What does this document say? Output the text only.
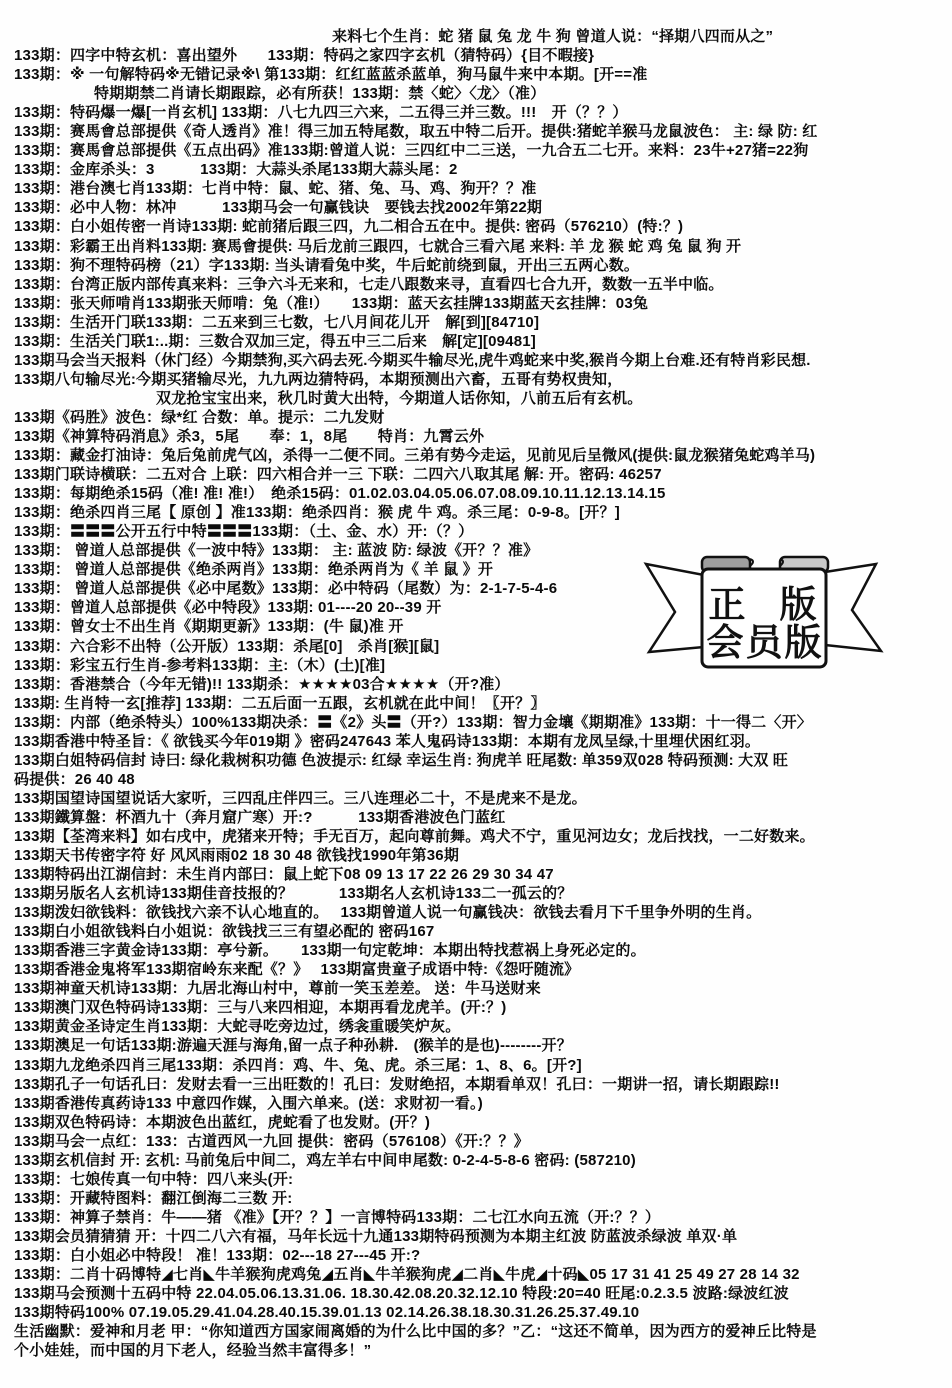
来料七个生肖：蛇 猪 鼠 兔 龙 牛 狗 曾道人说：“择期八四而从之”
133期：四字中特玄机：喜出望外　　133期：特码之家四字玄机（猜特码）{目不暇接}
133期：※ 一句解特码※无错记录※\ 第133期：红红蓝蓝杀蓝单，狗马鼠牛来中本期。[开==准
特期期禁二肖请长期跟踪，必有所获！133期：禁〈蛇〉〈龙〉（准）
133期：特码爆一爆[一肖玄机] 133期：八七九四三六来，二五得三并三数。!!!　开（？？）
133期：赛馬會总部提供《奇人透肖》准！得三加五特尾数，取五中特二后开。提供:猪蛇羊猴马龙鼠波色： 主: 绿 防: 红
133期：赛馬會总部提供《五点出码》准133期:曾道人说：三四红中二三送，一九合五二七开。来料：23牛+27猪=22狗
133期：金库杀头：3　　　133期：大蒜头杀尾133期大蒜头尾：2
133期：港台澳七肖133期：七肖中特：鼠、蛇、猪、兔、马、鸡、狗开？？准
133期：必中人物：林冲　　　133期马会一句赢钱诀　要钱去找2002年第22期
133期：白小姐传密一肖诗133期: 蛇前猪后跟三四，九二相合五在中。提供: 密码（576210）(特:？)
133期：彩霸王出肖料133期: 赛馬會提供: 马后龙前三跟四，七就合三看六尾 来料: 羊 龙 猴 蛇 鸡 兔 鼠 狗 开
133期：狗不理特码榜（21）字133期: 当头请看兔中奖，牛后蛇前绕到鼠，开出三五两心数。
133期：台湾正版内部传真来料：三争六斗无来和，七走八跟数来寻，直看四七合九开，数数一五半中临。
133期：张天师啃肖133期张天师啃：兔（准!）　　133期：蓝天玄挂牌133期蓝天玄挂牌：03兔
133期：生活开门联133期：二五来到三七数，七八月间花儿开　解[到][84710]
133期：生活关门联1:..期：三数合双加三定，得五中三二后来　解[定][09481]
133期马会当天报料（休门经）今期禁狗,买六码去死.今期买牛输尽光,虎牛鸡蛇来中奖,猴肖今期上台难.还有特肖彩民想.
133期八句输尽光:今期买猪输尽光，九九两边猜特码，本期预测出六畜，五哥有势权贵知，
双龙抢宝宝出来，秋几时黄大出特，今期道人话你知，八前五后有玄机。
133期《码胜》波色：绿*红 合数：单。提示：二九发财
133期《神算特码消息》杀3，5尾　　奉：1，8尾　　特肖：九霄云外
133期：藏金打油诗：兔后兔前虎气凶，杀得一二便不同。三弟有势今走运，见前见后呈微风(提供:鼠龙猴猪兔蛇鸡羊马)
133期门联诗横联：二五对合 上联：四六相合并一三 下联：二四六八取其尾 解: 开。密码: 46257
133期：每期绝杀15码（准! 准! 准!）　绝杀15码：01.02.03.04.05.06.07.08.09.10.11.12.13.14.15
133期：绝杀四肖三尾【 原创 】准133期：绝杀四肖：猴 虎 牛 鸡。杀三尾：0-9-8。[开？]
133期：〓〓〓公开五行中特〓〓〓133期：（土、金、水）开:（？）
133期： 曾道人总部提供《一波中特》133期： 主: 蓝波 防: 绿波《开？？准》
133期： 曾道人总部提供《绝杀两肖》133期：绝杀两肖为《 羊 鼠 》开
133期： 曾道人总部提供《必中尾数》133期：必中特码（尾数）为：2-1-7-5-4-6
133期：曾道人总部提供《必中特段》133期: 01----20 20--39 开
133期：曾女士不出生肖《期期更新》133期：(牛 鼠)准 开
133期：六合彩不出特（公开版）133期：杀尾[0]　杀肖[猴][鼠]
133期：彩宝五行生肖-参考料133期：主:（木）(土)[准]
133期：香港禁合（今年无错)!! 133期杀：★★★★03合★★★★（开?准）
133期: 生肖特一玄[推荐] 133期：二五后面一五跟，玄机就在此中间！〖开？〗
133期：内部（绝杀特头）100%133期决杀：〓《2》头〓（开?）133期：智力金壤《期期准》133期：十一得二〈开〉
133期香港中特圣旨：《 欲钱买今年019期 》密码247643 苯人鬼码诗133期：本期有龙凤呈绿,十里埋伏困红羽。
133期白姐特码信封 诗曰: 绿化栽树积功德 色波提示: 红绿 幸运生肖: 狗虎羊 旺尾数: 单359双028 特码预测: 大双 旺
码提供：26 40 48
133期国望诗国望说话大家听，三四乱庄伴四三。三八连理必二十，不是虎来不是龙。
133期鐵算盤：杯酒九十（奔月窟广寒）开:?　　　133期香港波色门蓝红
133期【荃湾来料】如右戌中，虎猪来开特；手无百万，起向尊前舞。鸡犬不宁，重见河边女；龙后找找，一二好数来。
133期天书传密字符 好 风风雨雨02 18 30 48 欲钱找1990年第36期
133期特码出江湖信封：未生肖内部曰：鼠上蛇下08 09 13 17 22 26 29 30 34 47
133期另版名人玄机诗133期佳音技报的？　　　133期名人玄机诗133二一孤云的？
133期泼妇欲钱料：欲钱找六亲不认心地直的。　 133期曾道人说一句赢钱决：欲钱去看月下千里争外明的生肖。
133期白小姐欲钱料白小姐说：欲钱找三三有望必配的 密码167
133期香港三字黄金诗133期：亭兮新。　　133期一句定乾坤：本期出特找惹祸上身死必定的。
133期香港金鬼将军133期宿岭东来配《？》　 133期富贵童子成语中特:《怨吁随流》
133期神童天机诗133期：九居北海山村中，尊前一笑玉差差。 送：牛马送财来
133期澳门双色特码诗133期：三与八来四相迎，本期再看龙虎羊。(开:？)
133期黄金圣诗定生肖133期：大蛇寻吃旁边过，绣衾重暖笑炉灰。
133期澳足一句话133期:游遍天涯与海角,留一点子种孙耕.　(猴羊的是也)--------开？
133期九龙绝杀四肖三尾133期：杀四肖：鸡、牛、兔、虎。杀三尾：1、8、6。[开?]
133期孔子一句话孔曰：发财去看一三出旺数的！孔曰：发财绝招，本期看单双！孔曰：一期讲一招，请长期跟踪!!
133期香港传真药诗133 中意四作媒，入围六单来。(送：求财初一看。)
133期双色特码诗：本期波色出蓝红，虎蛇看了也发财。(开？)
133期马会一点红：133：古道西风一九回 提供：密码（576108）《开:？？》
133期玄机信封 开: 玄机: 马前兔后中间二，鸡左羊右中间申尾数: 0-2-4-5-8-6 密码: (587210)
133期：七娘传真一句中特：四八来头(开:
133期：开藏特图料：翻江倒海二三数 开:
133期：神算子禁肖：牛——猪 《准》【开？？】一言博特码133期：二七江水向五流（开:？？）
133期会员猜猜猜 开：十四二八六有福，马年长远十九通133期特码预测为本期主红波 防蓝波杀绿波 单双·单
133期：白小姐必中特段！ 准！133期：02---18 27---45 开:?
133期：二肖十码博特◢七肖◣牛羊猴狗虎鸡兔◢五肖◣牛羊猴狗虎◢二肖◣牛虎◢十码◣05 17 31 41 25 49 27 28 14 32
133期马会预测十五码中特 22.04.05.06.13.31.06. 18.30.42.08.20.32.12.10 特段:20=40 旺尾:0.2.3.5 波路:绿波红波
133期特码100% 07.19.05.29.41.04.28.40.15.39.01.13 02.14.26.38.18.30.31.26.25.37.49.10
生活幽默：爱神和月老 甲：“你知道西方国家闹离婚的为什么比中国的多？”乙：“这还不简单，因为西方的爱神丘比特是
个小娃娃，而中国的月下老人，经验当然丰富得多！”
正 版
会员版
